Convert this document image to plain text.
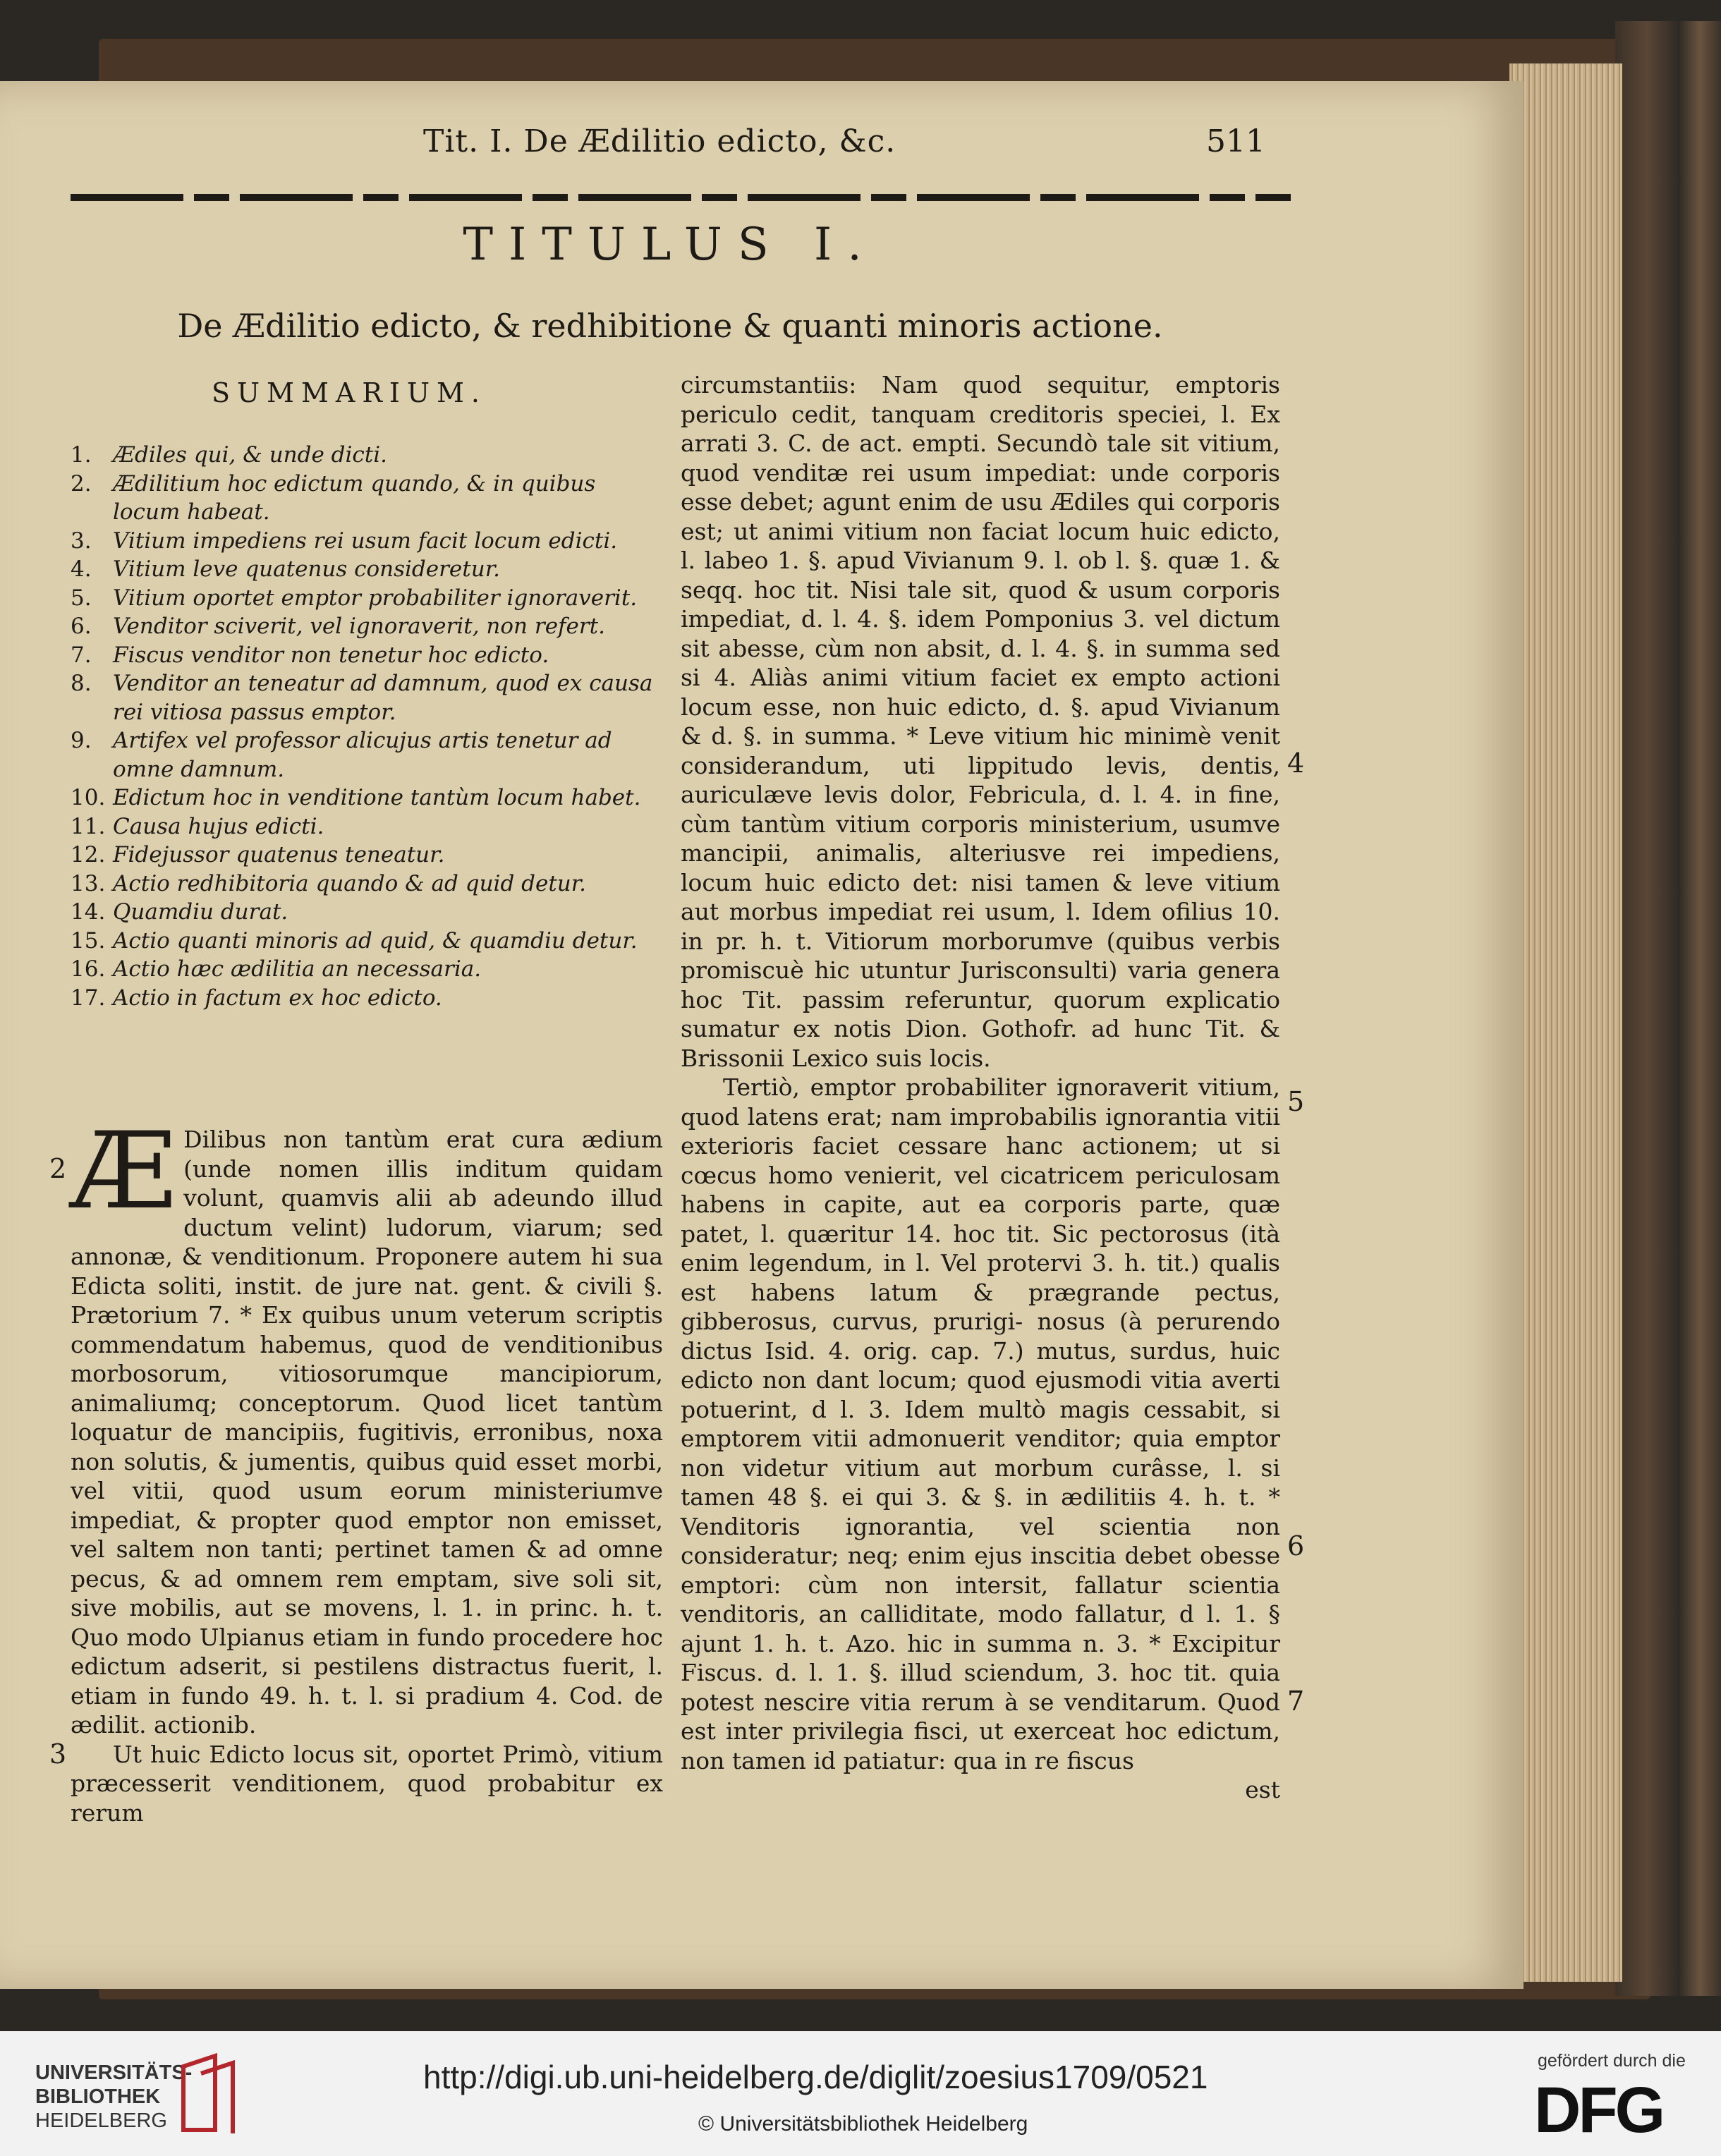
Tit. I. De Ædilitio edicto, &c.	511
TITULUS I.
De Ædilitio edicto, & redhibitione & quanti minoris actione.
SUMMARIUM.
1. Ædiles qui, & unde dicti.
2. Ædilitium hoc edictum quando, & in quibus locum habeat.
3. Vitium impediens rei usum facit locum edicti.
4. Vitium leve quatenus consideretur.
5. Vitium oportet emptor probabiliter ignoraverit.
6. Venditor sciverit, vel ignoraverit, non refert.
7. Fiscus venditor non tenetur hoc edicto.
8. Venditor an teneatur ad damnum, quod ex causa rei vitiosa passus emptor.
9. Artifex vel professor alicujus artis tenetur ad omne damnum.
10. Edictum hoc in venditione tantùm locum habet.
11. Causa hujus edicti.
12. Fidejussor quatenus teneatur.
13. Actio redhibitoria quando & ad quid detur.
14. Quamdiu durat.
15. Actio quanti minoris ad quid, & quamdiu detur.
16. Actio hæc ædilitia an necessaria.
17. Actio in factum ex hoc edicto.
Æ Dilibus non tantùm erat cura ædium (unde nomen illis inditum quidam volunt, quamvis alii ab adeundo illud ductum velint) ludorum, viarum; sed annonæ, & venditionum. Proponere autem hi sua Edicta soliti, instit. de jure nat. gent. & civili §. Prætorium 7. * Ex quibus unum veterum scriptis commendatum habemus, quod de venditionibus morbosorum, vitiosorumque mancipiorum, animaliumq; conceptorum. Quod licet tantùm loquatur de mancipiis, fugitivis, erronibus, noxa non solutis, & jumentis, quibus quid esset morbi, vel vitii, quod usum eorum ministeriumve impediat, & propter quod emptor non emisset, vel saltem non tanti; pertinet tamen & ad omne pecus, & ad omnem rem emptam, sive soli sit, sive mobilis, aut se movens, l. 1. in princ. h. t. Quo modo Ulpianus etiam in fundo procedere hoc edictum adserit, si pestilens distractus fuerit, l. etiam in fundo 49. h. t. l. si pradium 4. Cod. de ædilit. actionib.
Ut huic Edicto locus sit, oportet Primò, vitium præcesserit venditionem, quod probabitur ex rerum
circumstantiis: Nam quod sequitur, emptoris periculo cedit, tanquam creditoris speciei, l. Ex arrati 3. C. de act. empti. Secundò tale sit vitium, quod venditæ rei usum impediat: unde corporis esse debet; agunt enim de usu Ædiles qui corporis est; ut animi vitium non faciat locum huic edicto, l. labeo 1. §. apud Vivianum 9. l. ob l. §. quæ 1. & seqq. hoc tit. Nisi tale sit, quod & usum corporis impediat, d. l. 4. §. idem Pomponius 3. vel dictum sit abesse, cùm non absit, d. l. 4. §. in summa sed si 4. Aliàs animi vitium faciet ex empto actioni locum esse, non huic edicto, d. §. apud Vivianum & d. §. in summa. * Leve vitium hic minimè venit considerandum, uti lippitudo levis, dentis, auriculæve levis dolor, Febricula, d. l. 4. in fine, cùm tantùm vitium corporis ministerium, usumve mancipii, animalis, alteriusve rei impediens, locum huic edicto det: nisi tamen & leve vitium aut morbus impediat rei usum, l. Idem ofilius 10. in pr. h. t. Vitiorum morborumve (quibus verbis promiscuè hic utuntur Jurisconsulti) varia genera hoc Tit. passim referuntur, quorum explicatio sumatur ex notis Dion. Gothofr. ad hunc Tit. & Brissonii Lexico suis locis.
Tertiò, emptor probabiliter ignoraverit vitium, quod latens erat; nam improbabilis ignorantia vitii exterioris faciet cessare hanc actionem; ut si cœcus homo venierit, vel cicatricem periculosam habens in capite, aut ea corporis parte, quæ patet, l. quæritur 14. hoc tit. Sic pectorosus (ità enim legendum, in l. Vel protervi 3. h. tit.) qualis est habens latum & prægrande pectus, gibberosus, curvus, prurigi- nosus (à perurendo dictus Isid. 4. orig. cap. 7.) mutus, surdus, huic edicto non dant locum; quod ejusmodi vitia averti potuerint, d l. 3. Idem multò magis cessabit, si emptorem vitii admonuerit venditor; quia emptor non videtur vitium aut morbum curâsse, l. si tamen 48 §. ei qui 3. & §. in ædilitiis 4. h. t. * Venditoris ignorantia, vel scientia non consideratur; neq; enim ejus inscitia debet obesse emptori: cùm non intersit, fallatur scientia venditoris, an calliditate, modo fallatur, d l. 1. § ajunt 1. h. t. Azo. hic in summa n. 3. * Excipitur Fiscus. d. l. 1. §. illud sciendum, 3. hoc tit. quia potest nescire vitia rerum à se venditarum. Quod est inter privilegia fisci, ut exerceat hoc edictum, non tamen id patiatur: qua in re fiscus
est
2
3
4
5
6
7
UNIVERSITÄTS-
BIBLIOTHEK
HEIDELBERG
http://digi.ub.uni-heidelberg.de/diglit/zoesius1709/0521
© Universitätsbibliothek Heidelberg
gefördert durch die
DFG
